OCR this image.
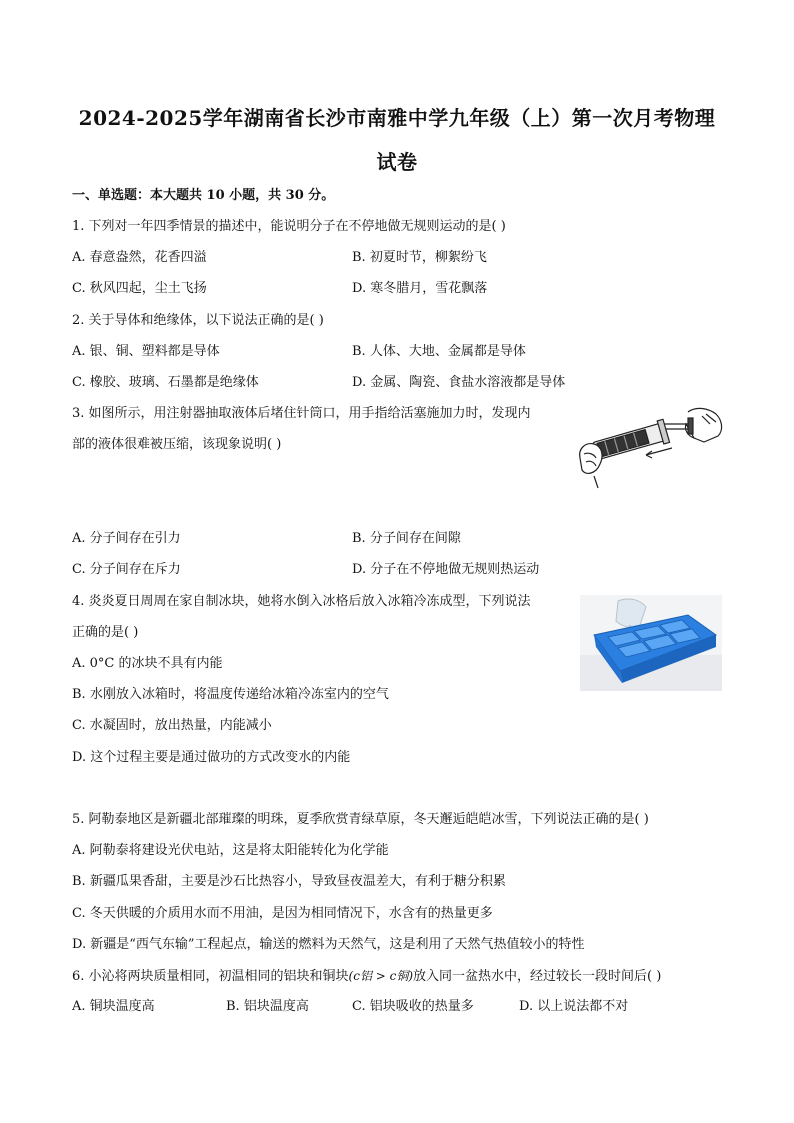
2024-2025学年湖南省长沙市南雅中学九年级（上）第一次月考物理
试卷
一、单选题：本大题共 10 小题，共 30 分。
1. 下列对一年四季情景的描述中，能说明分子在不停地做无规则运动的是( )
A. 春意盎然，花香四溢	B. 初夏时节，柳絮纷飞
C. 秋风四起，尘土飞扬	D. 寒冬腊月，雪花飘落
2. 关于导体和绝缘体，以下说法正确的是( )
A. 银、铜、塑料都是导体	B. 人体、大地、金属都是导体
C. 橡胶、玻璃、石墨都是绝缘体	D. 金属、陶瓷、食盐水溶液都是导体
3. 如图所示，用注射器抽取液体后堵住针筒口，用手指给活塞施加力时，发现内
部的液体很难被压缩，该现象说明( )
A. 分子间存在引力	B. 分子间存在间隙
C. 分子间存在斥力	D. 分子在不停地做无规则热运动
4. 炎炎夏日周周在家自制冰块，她将水倒入冰格后放入冰箱冷冻成型，下列说法
正确的是( )
A. 0°C 的冰块不具有内能
B. 水刚放入冰箱时，将温度传递给冰箱冷冻室内的空气
C. 水凝固时，放出热量，内能减小
D. 这个过程主要是通过做功的方式改变水的内能
5. 阿勒泰地区是新疆北部璀璨的明珠，夏季欣赏青绿草原，冬天邂逅皑皑冰雪，下列说法正确的是( )
A. 阿勒泰将建设光伏电站，这是将太阳能转化为化学能
B. 新疆瓜果香甜，主要是沙石比热容小，导致昼夜温差大，有利于糖分积累
C. 冬天供暖的介质用水而不用油，是因为相同情况下，水含有的热量更多
D. 新疆是“西气东输”工程起点，输送的燃料为天然气，这是利用了天然气热值较小的特性
6. 小沁将两块质量相同，初温相同的铝块和铜块(c铝 > c铜)放入同一盆热水中，经过较长一段时间后( )
A. 铜块温度高	B. 铝块温度高	C. 铝块吸收的热量多	D. 以上说法都不对
